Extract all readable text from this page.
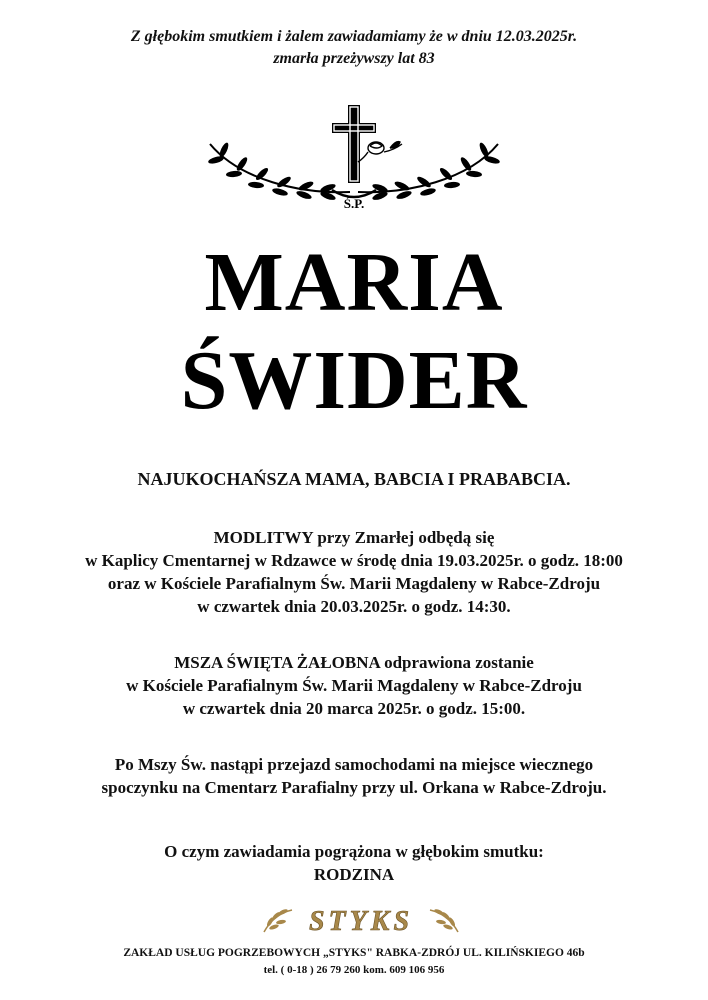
Z głębokim smutkiem i żalem zawiadamiamy że w dniu 12.03.2025r.
zmarła przeżywszy lat 83
Ś.P.
MARIA
ŚWIDER
NAJUKOCHAŃSZA MAMA, BABCIA I PRABABCIA.
MODLITWY przy Zmarłej odbędą się
w Kaplicy Cmentarnej w Rdzawce w środę dnia 19.03.2025r. o godz. 18:00
oraz w Kościele Parafialnym Św. Marii Magdaleny w Rabce-Zdroju
w czwartek dnia 20.03.2025r. o godz. 14:30.
MSZA ŚWIĘTA ŻAŁOBNA odprawiona zostanie
w Kościele Parafialnym Św. Marii Magdaleny w Rabce-Zdroju
w czwartek dnia 20 marca 2025r. o godz. 15:00.
Po Mszy Św. nastąpi przejazd samochodami na miejsce wiecznego
spoczynku na Cmentarz Parafialny przy ul. Orkana w Rabce-Zdroju.
O czym zawiadamia pogrążona w głębokim smutku:
RODZINA
STYKS
ZAKŁAD USŁUG POGRZEBOWYCH „STYKS" RABKA-ZDRÓJ UL. KILIŃSKIEGO 46b
tel. ( 0-18 ) 26 79 260 kom. 609 106 956
